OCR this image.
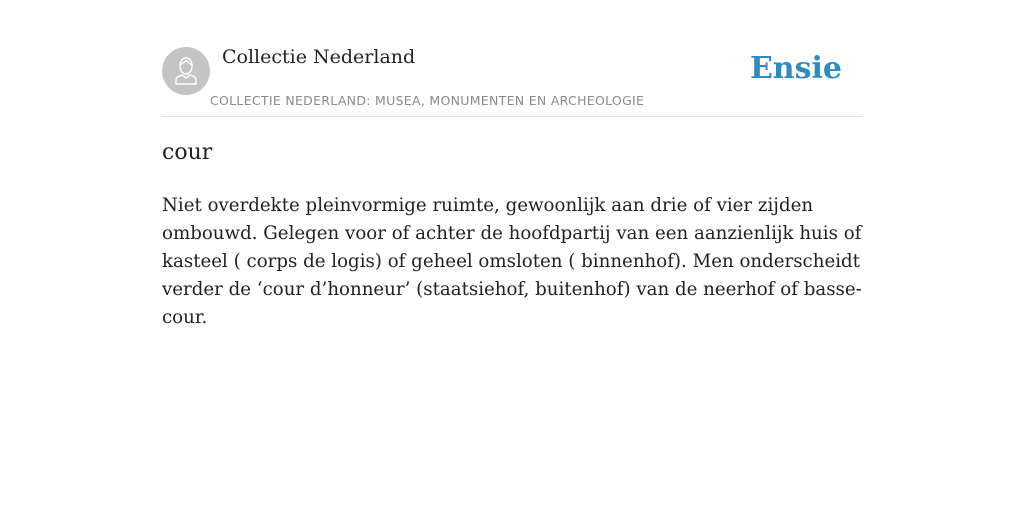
Collectie Nederland
COLLECTIE NEDERLAND: MUSEA, MONUMENTEN EN ARCHEOLOGIE
Ensie
cour

Niet overdekte pleinvormige ruimte, gewoonlijk aan drie of vier zijden ombouwd. Gelegen voor of achter de hoofdpartij van een aanzienlijk huis of kasteel ( corps de logis) of geheel omsloten ( binnenhof). Men onderscheidt verder de ‘cour d’honneur’ (staatsiehof, buitenhof) van de neerhof of basse-cour.
